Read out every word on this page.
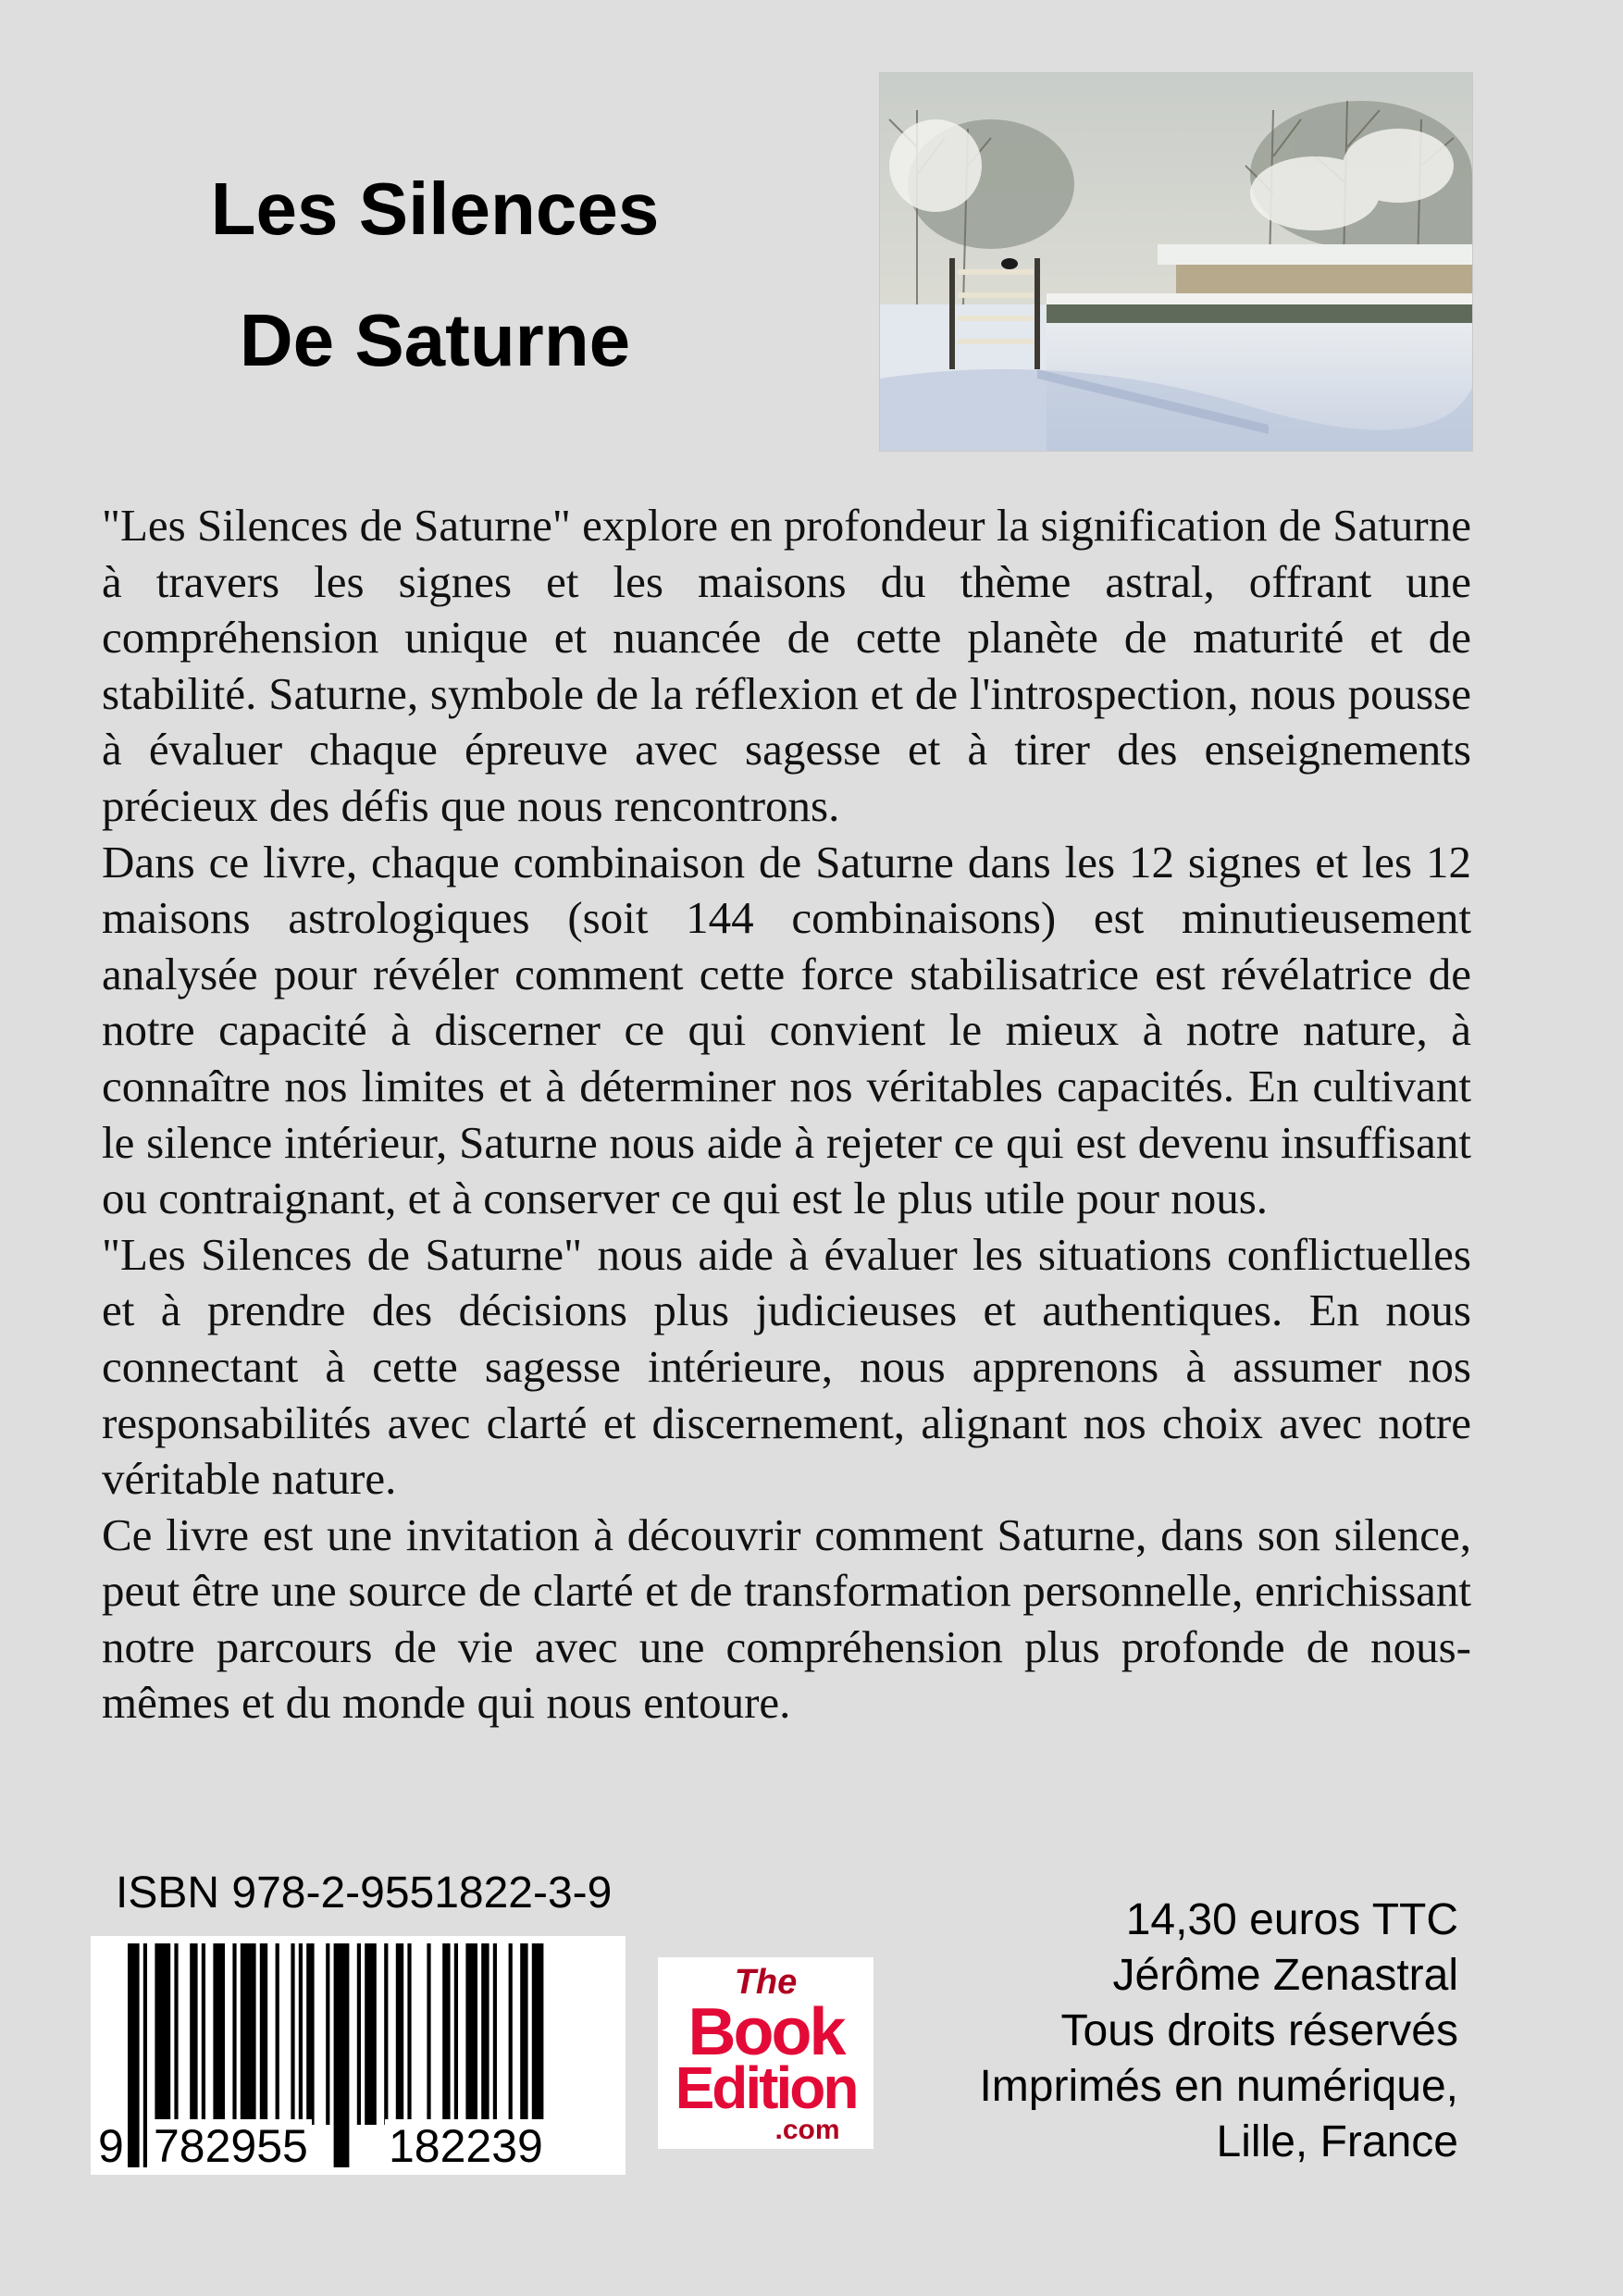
Les Silences
De Saturne

"Les Silences de Saturne" explore en profondeur la signification de Saturne à travers les signes et les maisons du thème astral, offrant une compréhension unique et nuancée de cette planète de maturité et de stabilité. Saturne, symbole de la réflexion et de l'introspection, nous pousse à évaluer chaque épreuve avec sagesse et à tirer des enseignements précieux des défis que nous rencontrons.

Dans ce livre, chaque combinaison de Saturne dans les 12 signes et les 12 maisons astrologiques (soit 144 combinaisons) est minutieusement analysée pour révéler comment cette force stabilisatrice est révélatrice de notre capacité à discerner ce qui convient le mieux à notre nature, à connaître nos limites et à déterminer nos véritables capacités. En cultivant le silence intérieur, Saturne nous aide à rejeter ce qui est devenu insuffisant ou contraignant, et à conserver ce qui est le plus utile pour nous.

"Les Silences de Saturne" nous aide à évaluer les situations conflictuelles et à prendre des décisions plus judicieuses et authentiques. En nous connectant à cette sagesse intérieure, nous apprenons à assumer nos responsabilités avec clarté et discernement, alignant nos choix avec notre véritable nature.

Ce livre est une invitation à découvrir comment Saturne, dans son silence, peut être une source de clarté et de transformation personnelle, enrichissant notre parcours de vie avec une compréhension plus profonde de nous-mêmes et du monde qui nous entoure.

ISBN 978-2-9551822-3-9
9 782955 182239
The
Book
Edition
.com
14,30 euros TTC
Jérôme Zenastral
Tous droits réservés
Imprimés en numérique,
Lille, France
